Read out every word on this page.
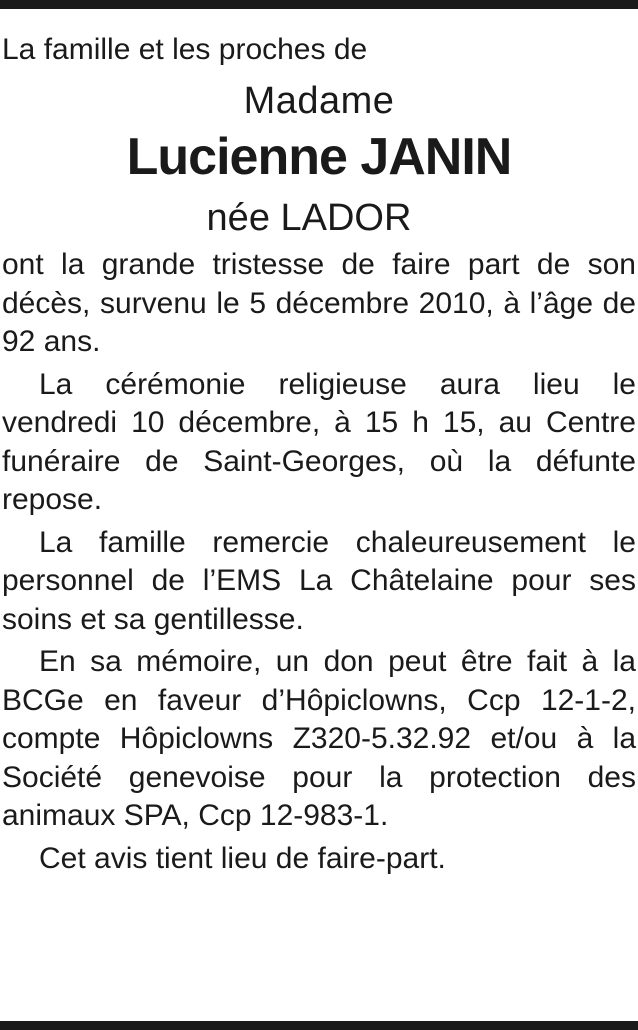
La famille et les proches de

Madame
Lucienne JANIN
née LADOR

ont la grande tristesse de faire part de son décès, survenu le 5 décembre 2010, à l’âge de 92 ans.

La cérémonie religieuse aura lieu le vendredi 10 décembre, à 15 h 15, au Centre funéraire de Saint-Georges, où la défunte repose.

La famille remercie chaleureusement le personnel de l’EMS La Châtelaine pour ses soins et sa gentillesse.

En sa mémoire, un don peut être fait à la BCGe en faveur d’Hôpiclowns, Ccp 12-1-2, compte Hôpiclowns Z320-5.32.92 et/ou à la Société genevoise pour la protection des animaux SPA, Ccp 12-983-1.

Cet avis tient lieu de faire-part.
